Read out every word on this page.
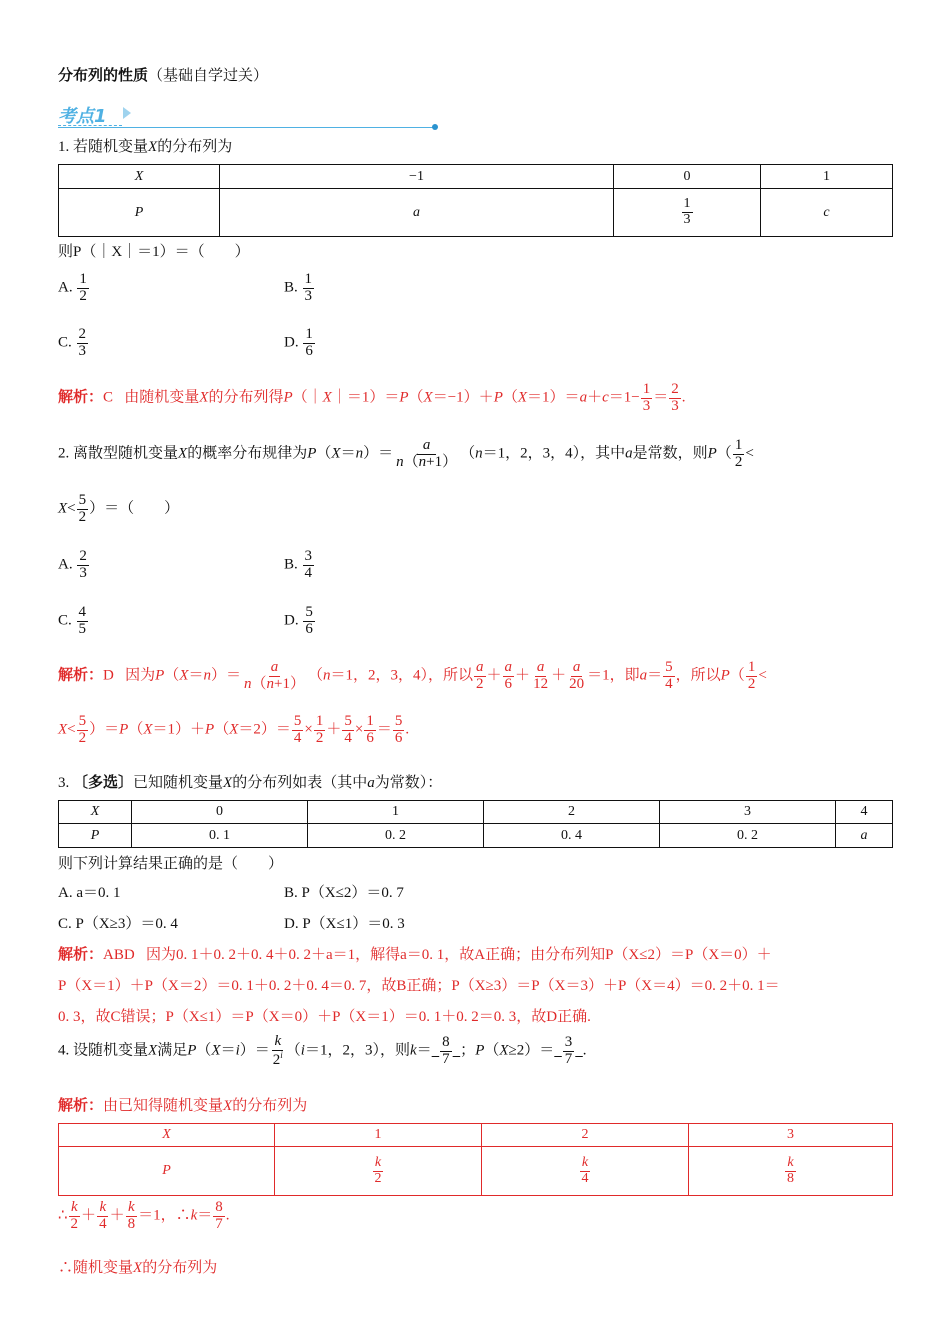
分布列的性质（基础自学过关）
考点1
1. 若随机变量X的分布列为
X	−1	0	1
P	a	$\frac{1}{3}$	c
则P（｜X｜＝1）＝（　　）
A. $\frac{1}{2}$	B. $\frac{1}{3}$
C. $\frac{2}{3}$	D. $\frac{1}{6}$
解析：C   由随机变量X的分布列得P（｜X｜＝1）＝P（X＝−1）＋P（X＝1）＝a＋c＝1− $\frac{1}{3} = \frac{2}{3}$ .
2. 离散型随机变量X的概率分布规律为$P(X=n)= \frac{a}{n(n+1)} (n=1$，2，3，4），其中a是常数，则$P( \frac{1}{2}$ <
$X< \frac{5}{2}$ ）＝（　　）
A. $\frac{2}{3}$	B. $\frac{3}{4}$
C. $\frac{4}{5}$	D. $\frac{5}{6}$
解析：D   因为$P(X=n)= \frac{a}{n(n+1)} (n=1$，2，3，4），所以 $\frac{a}{2} + \frac{a}{6} + \frac{a}{12} + \frac{a}{20} =1$，即$a= \frac{5}{4}$ ，所以$P( \frac{1}{2}$ <
$X< \frac{5}{2} )=P(X=1)+P(X=2)= \frac{5}{4} \times \frac{1}{2} + \frac{5}{4} \times \frac{1}{6} = \frac{5}{6}$ .
3. 〔多选〕已知随机变量X的分布列如表（其中a为常数）：
X	0	1	2	3	4
P	0. 1	0. 2	0. 4	0. 2	a
则下列计算结果正确的是（　　）
A. a＝0. 1	B. P（X≤2）＝0. 7
C. P（X≥3）＝0. 4	D. P（X≤1）＝0. 3
解析：ABD 因为0. 1＋0. 2＋0. 4＋0. 2＋a＝1，解得a＝0. 1，故A正确；由分布列知P（X≤2）＝P（X＝0）＋
P（X＝1）＋P（X＝2）＝0. 1＋0. 2＋0. 4＝0. 7，故B正确；P（X≥3）＝P（X＝3）＋P（X＝4）＝0. 2＋0. 1＝
0. 3，故C错误；P（X≤1）＝P（X＝0）＋P（X＝1）＝0. 1＋0. 2＝0. 3，故D正确.
4. 设随机变量X满足$P(X=i)= \frac{k}{2^i} (i=1$，2，3），则$k= \frac{8}{7}$ ；$P(X\ge 2)= \frac{3}{7}$ .
解析：由已知得随机变量X的分布列为
X	1	2	3
P	$\frac{k}{2}$	$\frac{k}{4}$	$\frac{k}{8}$
∴ $\frac{k}{2} + \frac{k}{4} + \frac{k}{8} =1$，∴k＝ $\frac{8}{7}$ .
∴随机变量X的分布列为
